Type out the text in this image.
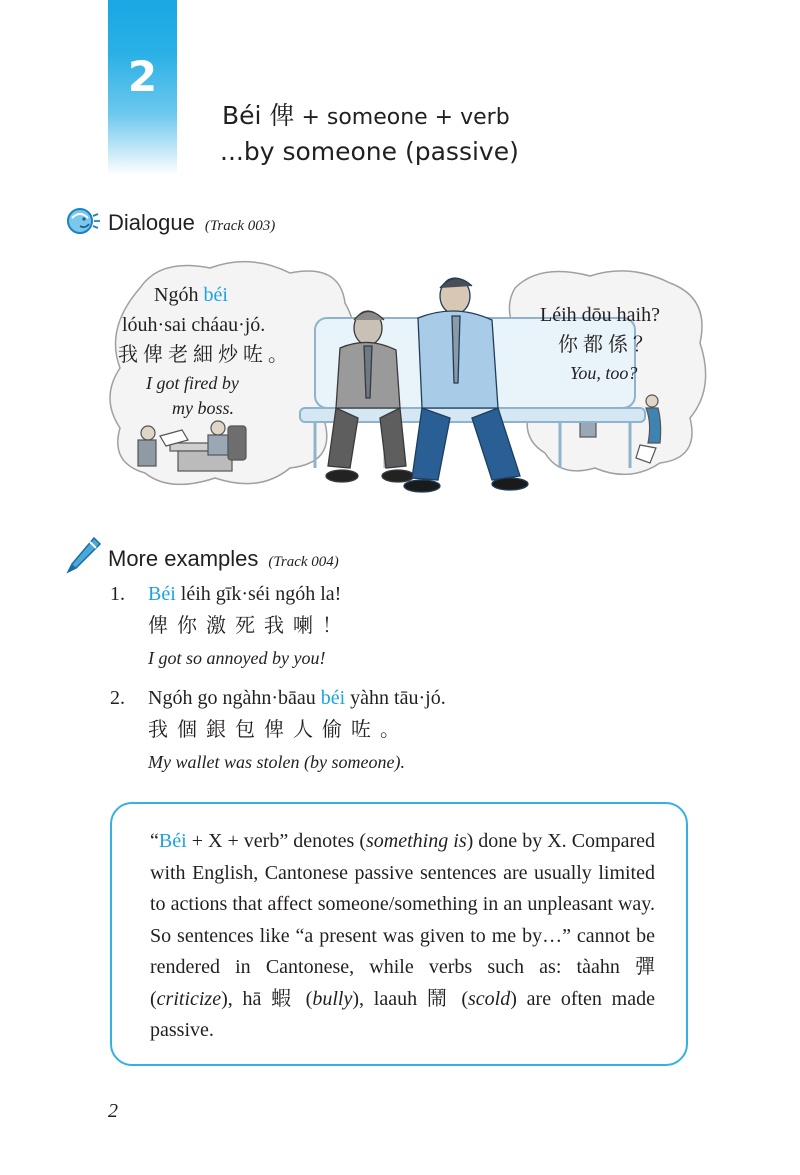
2
Béi 俾 + someone + verb
...by someone (passive)
Dialogue (Track 003)
Ngóh béi
lóuh·sai cháau·jó.
我俾老細炒咗。
I got fired by
my boss.
Léih dōu haih?
你都係？
You, too?
More examples (Track 004)
1. Béi léih gīk·séi ngóh la!
俾你激死我喇！
I got so annoyed by you!
2. Ngóh go ngàhn·bāau béi yàhn tāu·jó.
我個銀包俾人偷咗。
My wallet was stolen (by someone).
“Béi + X + verb” denotes (something is) done by X. Compared with English, Cantonese passive sentences are usually limited to actions that affect someone/something in an unpleasant way. So sentences like “a present was given to me by…” cannot be rendered in Cantonese, while verbs such as: tàahn 彈 (criticize), hā 蝦 (bully), laauh 鬧 (scold) are often made passive.
2
